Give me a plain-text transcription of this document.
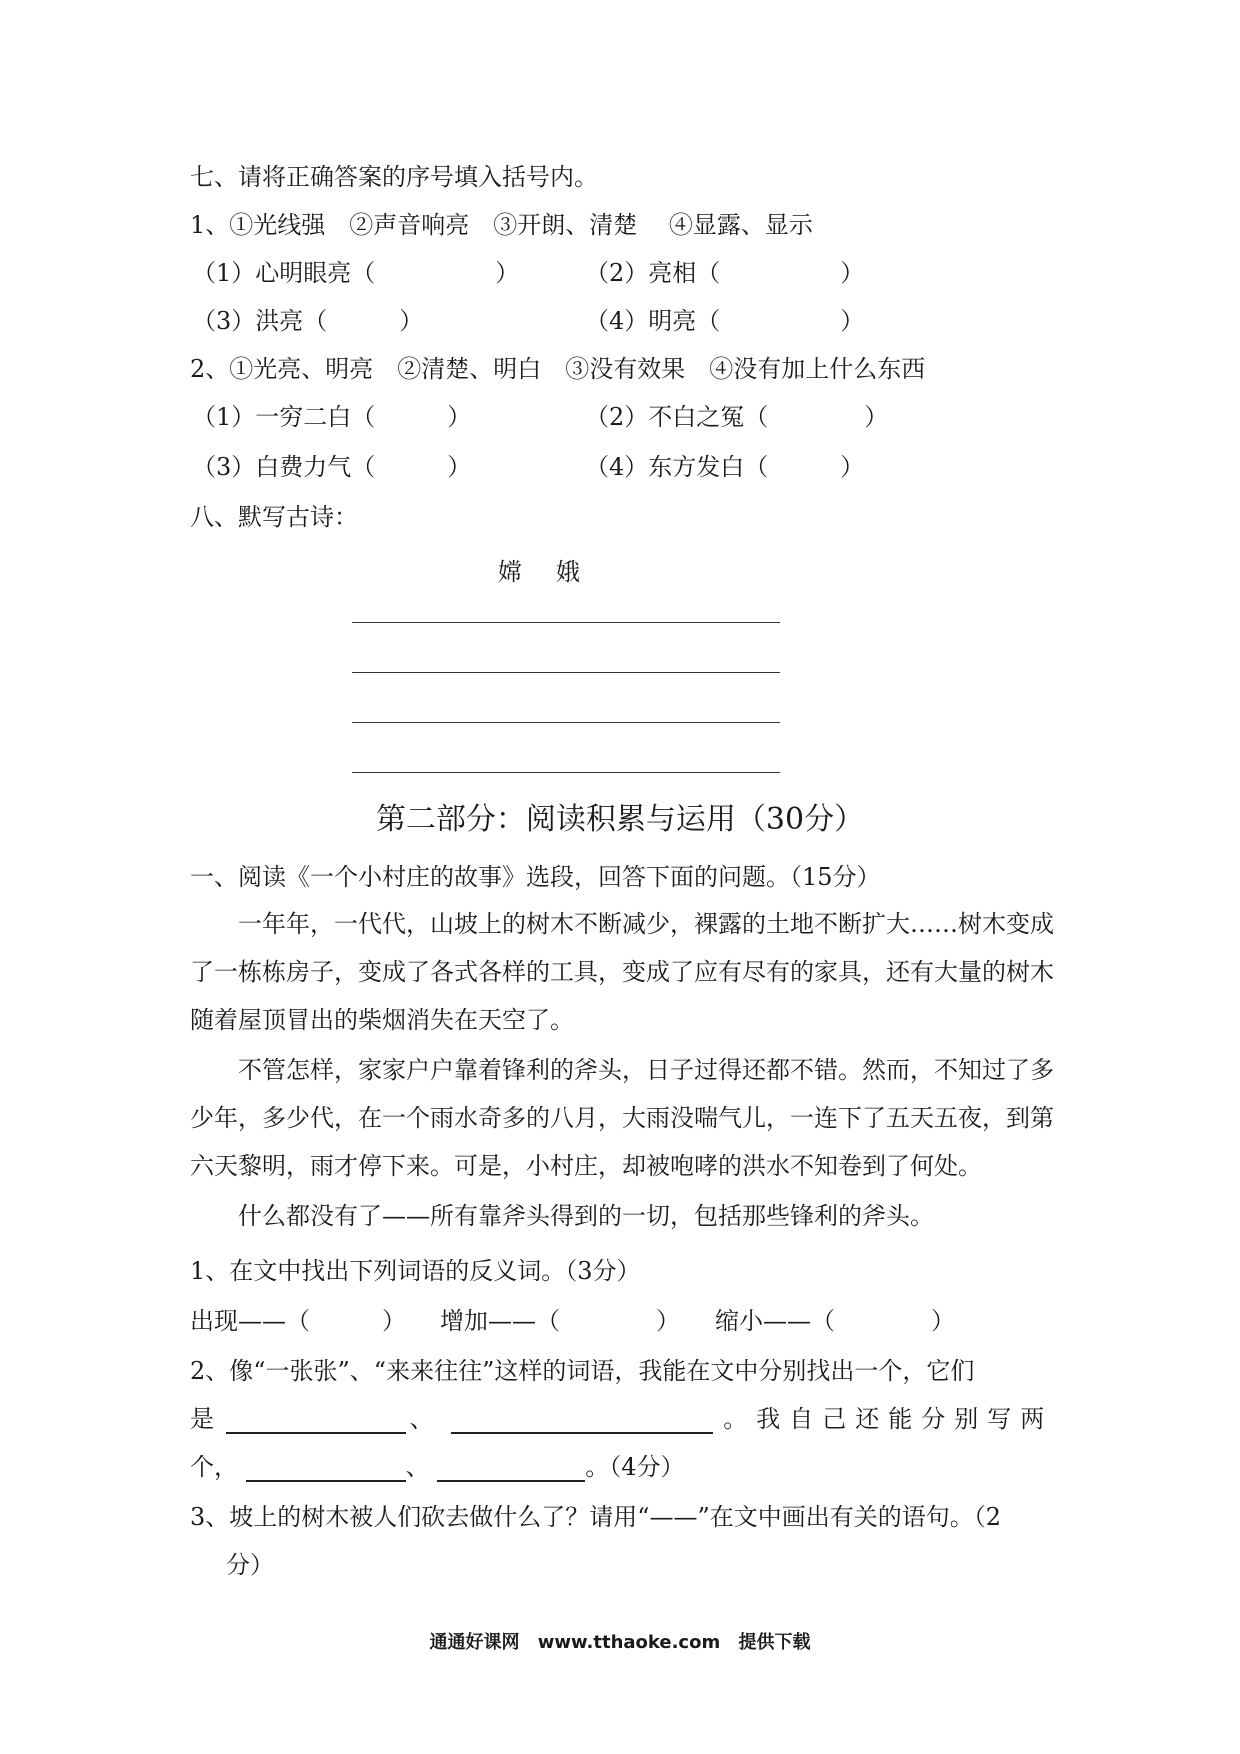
七、请将正确答案的序号填入括号内。
1、①光线强　②声音响亮　③开朗、清楚　 ④显露、显示
（1）心明眼亮（　　　　　）	（2）亮相（　　　　　）
（3）洪亮（　　　）	（4）明亮（　　　　　）
2、①光亮、明亮　②清楚、明白　③没有效果　④没有加上什么东西
（1）一穷二白（　　　）	（2）不白之冤（　　　　）
（3）白费力气（　　　）	（4）东方发白（　　　）
八、默写古诗：
嫦娥
第二部分：阅读积累与运用（30分）
一、阅读《一个小村庄的故事》选段，回答下面的问题。（15分）
一年年，一代代，山坡上的树木不断减少，裸露的土地不断扩大……树木变成了一栋栋房子，变成了各式各样的工具，变成了应有尽有的家具，还有大量的树木随着屋顶冒出的柴烟消失在天空了。
不管怎样，家家户户靠着锋利的斧头，日子过得还都不错。然而，不知过了多少年，多少代，在一个雨水奇多的八月，大雨没喘气儿，一连下了五天五夜，到第六天黎明，雨才停下来。可是，小村庄，却被咆哮的洪水不知卷到了何处。
什么都没有了——所有靠斧头得到的一切，包括那些锋利的斧头。
1、在文中找出下列词语的反义词。（3分）
出现——（　　　） 增加——（　　　　） 缩小——（　　　　）
2、像“一张张”、“来来往往”这样的词语，我能在文中分别找出一个，它们
是	、	。我自己还能分别写两
个，	、	。（4分）
3、坡上的树木被人们砍去做什么了？请用“——”在文中画出有关的语句。（2
分）
通通好课网 www.tthaoke.com 提供下载
